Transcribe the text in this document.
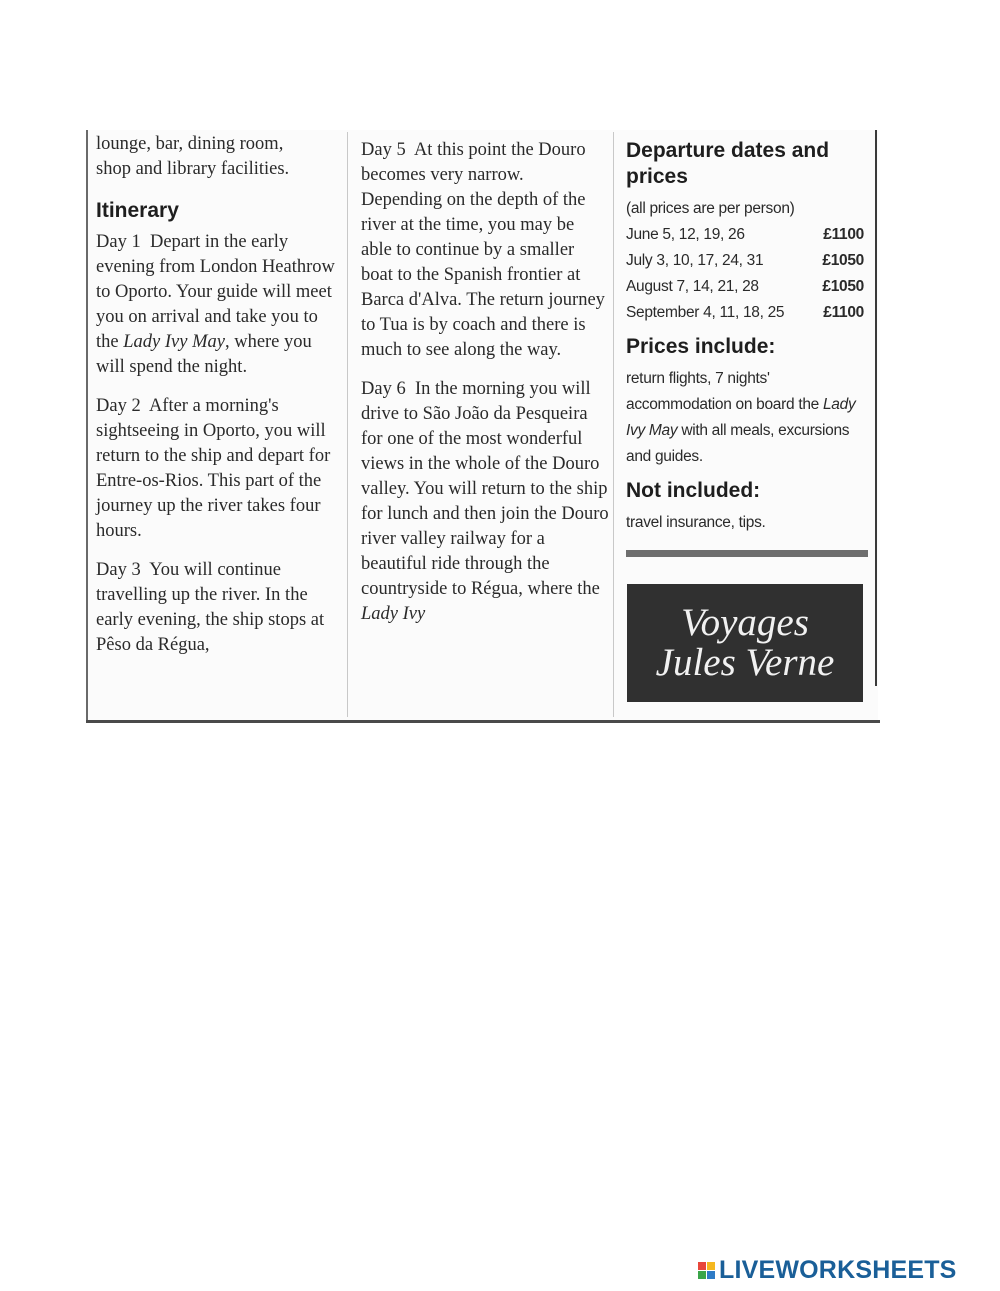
lounge, bar, dining room,

shop and library facilities.

Itinerary

Day 1 Depart in the early evening from London Heathrow to Oporto. Your guide will meet you on arrival and take you to the Lady Ivy May, where you will spend the night.

Day 2 After a morning's sightseeing in Oporto, you will return to the ship and depart for Entre-os-Rios. This part of the journey up the river takes four hours.

Day 3 You will continue travelling up the river. In the early evening, the ship stops at Pêso da Régua,

Day 5 At this point the Douro becomes very narrow. Depending on the depth of the river at the time, you may be able to continue by a smaller boat to the Spanish frontier at Barca d'Alva. The return journey to Tua is by coach and there is much to see along the way.

Day 6 In the morning you will drive to São João da Pesqueira for one of the most wonderful views in the whole of the Douro valley. You will return to the ship for lunch and then join the Douro river valley railway for a beautiful ride through the countryside to Régua, where the Lady Ivy

Departure dates and prices

(all prices are per person)

June 5, 12, 19, 26	£1100
July 3, 10, 17, 24, 31	£1050
August 7, 14, 21, 28	£1050
September 4, 11, 18, 25	£1100
Prices include:

return flights, 7 nights' accommodation on board the Lady Ivy May with all meals, excursions and guides.

Not included:

travel insurance, tips.

Voyages
Jules Verne
LIVEWORKSHEETS
